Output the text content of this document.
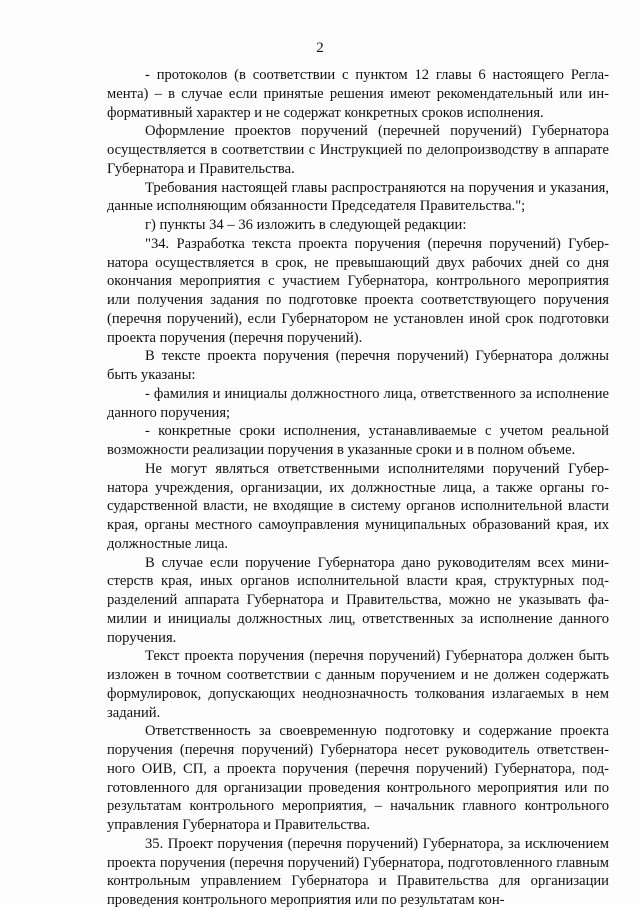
2

- протоколов (в соответствии с пунктом 12 главы 6 настоящего Регламента) – в случае если принятые решения имеют рекомендательный или информативный характер и не содержат конкретных сроков исполнения.

Оформление проектов поручений (перечней поручений) Губернатора осуществляется в соответствии с Инструкцией по делопроизводству в аппарате Губернатора и Правительства.

Требования настоящей главы распространяются на поручения и указания, данные исполняющим обязанности Председателя Правительства.";

г) пункты 34 – 36 изложить в следующей редакции:

"34. Разработка текста проекта поручения (перечня поручений) Губернатора осуществляется в срок, не превышающий двух рабочих дней со дня окончания мероприятия с участием Губернатора, контрольного мероприятия или получения задания по подготовке проекта соответствующего поручения (перечня поручений), если Губернатором не установлен иной срок подготовки проекта поручения (перечня поручений).

В тексте проекта поручения (перечня поручений) Губернатора должны быть указаны:

- фамилия и инициалы должностного лица, ответственного за исполнение данного поручения;

- конкретные сроки исполнения, устанавливаемые с учетом реальной возможности реализации поручения в указанные сроки и в полном объеме.

Не могут являться ответственными исполнителями поручений Губернатора учреждения, организации, их должностные лица, а также органы государственной власти, не входящие в систему органов исполнительной власти края, органы местного самоуправления муниципальных образований края, их должностные лица.

В случае если поручение Губернатора дано руководителям всех министерств края, иных органов исполнительной власти края, структурных подразделений аппарата Губернатора и Правительства, можно не указывать фамилии и инициалы должностных лиц, ответственных за исполнение данного поручения.

Текст проекта поручения (перечня поручений) Губернатора должен быть изложен в точном соответствии с данным поручением и не должен содержать формулировок, допускающих неоднозначность толкования излагаемых в нем заданий.

Ответственность за своевременную подготовку и содержание проекта поручения (перечня поручений) Губернатора несет руководитель ответственного ОИВ, СП, а проекта поручения (перечня поручений) Губернатора, подготовленного для организации проведения контрольного мероприятия или по результатам контрольного мероприятия, – начальник главного контрольного управления Губернатора и Правительства.

35. Проект поручения (перечня поручений) Губернатора, за исключением проекта поручения (перечня поручений) Губернатора, подготовленного главным контрольным управлением Губернатора и Правительства для организации проведения контрольного мероприятия или по результатам кон-
